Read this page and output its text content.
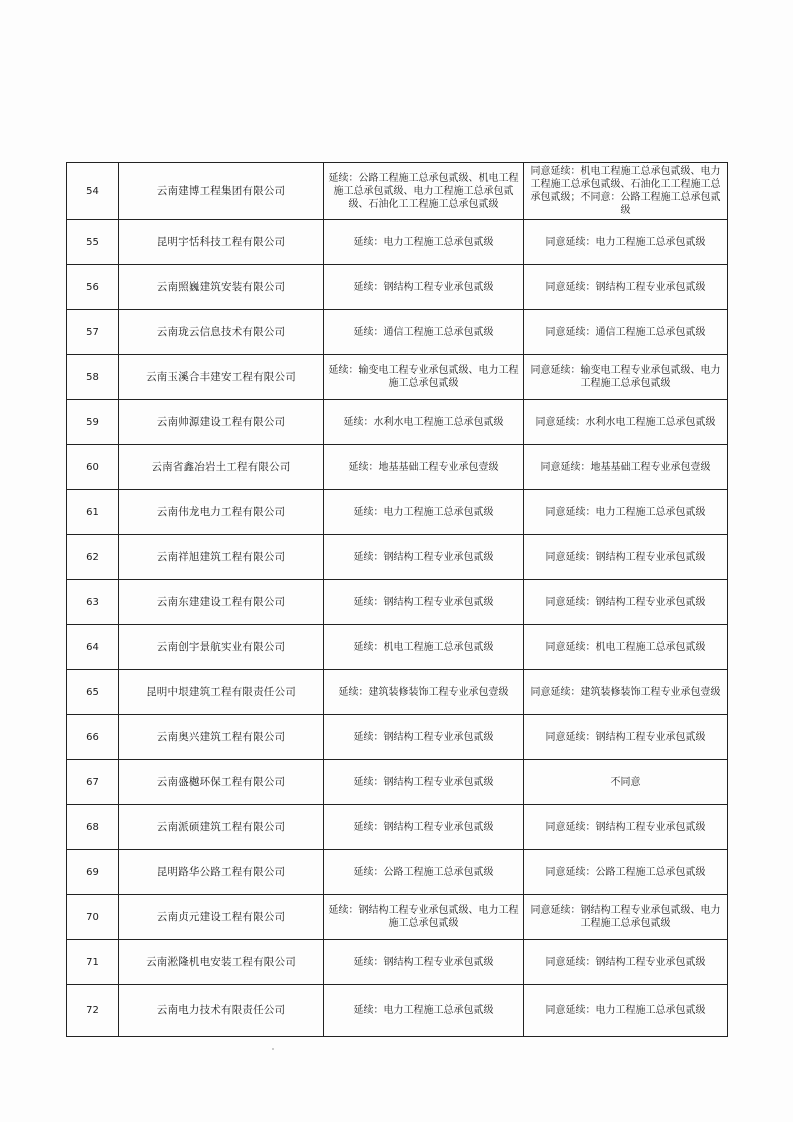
54	云南建博工程集团有限公司	延续：公路工程施工总承包贰级、机电工程施工总承包贰级、电力工程施工总承包贰级、石油化工工程施工总承包贰级	同意延续：机电工程施工总承包贰级、电力工程施工总承包贰级、石油化工工程施工总承包贰级；不同意：公路工程施工总承包贰级
55	昆明宇恬科技工程有限公司	延续：电力工程施工总承包贰级	同意延续：电力工程施工总承包贰级
56	云南照巍建筑安装有限公司	延续：钢结构工程专业承包贰级	同意延续：钢结构工程专业承包贰级
57	云南珑云信息技术有限公司	延续：通信工程施工总承包贰级	同意延续：通信工程施工总承包贰级
58	云南玉溪合丰建安工程有限公司	延续：输变电工程专业承包贰级、电力工程施工总承包贰级	同意延续：输变电工程专业承包贰级、电力工程施工总承包贰级
59	云南帅源建设工程有限公司	延续：水利水电工程施工总承包贰级	同意延续：水利水电工程施工总承包贰级
60	云南省鑫冶岩土工程有限公司	延续：地基基础工程专业承包壹级	同意延续：地基基础工程专业承包壹级
61	云南伟龙电力工程有限公司	延续：电力工程施工总承包贰级	同意延续：电力工程施工总承包贰级
62	云南祥旭建筑工程有限公司	延续：钢结构工程专业承包贰级	同意延续：钢结构工程专业承包贰级
63	云南东建建设工程有限公司	延续：钢结构工程专业承包贰级	同意延续：钢结构工程专业承包贰级
64	云南创宇景航实业有限公司	延续：机电工程施工总承包贰级	同意延续：机电工程施工总承包贰级
65	昆明中垠建筑工程有限责任公司	延续：建筑装修装饰工程专业承包壹级	同意延续：建筑装修装饰工程专业承包壹级
66	云南奥兴建筑工程有限公司	延续：钢结构工程专业承包贰级	同意延续：钢结构工程专业承包贰级
67	云南盛樾环保工程有限公司	延续：钢结构工程专业承包贰级	不同意
68	云南派硕建筑工程有限公司	延续：钢结构工程专业承包贰级	同意延续：钢结构工程专业承包贰级
69	昆明路华公路工程有限公司	延续：公路工程施工总承包贰级	同意延续：公路工程施工总承包贰级
70	云南贞元建设工程有限公司	延续：钢结构工程专业承包贰级、电力工程施工总承包贰级	同意延续：钢结构工程专业承包贰级、电力工程施工总承包贰级
71	云南淞隆机电安装工程有限公司	延续：钢结构工程专业承包贰级	同意延续：钢结构工程专业承包贰级
72	云南电力技术有限责任公司	延续：电力工程施工总承包贰级	同意延续：电力工程施工总承包贰级
